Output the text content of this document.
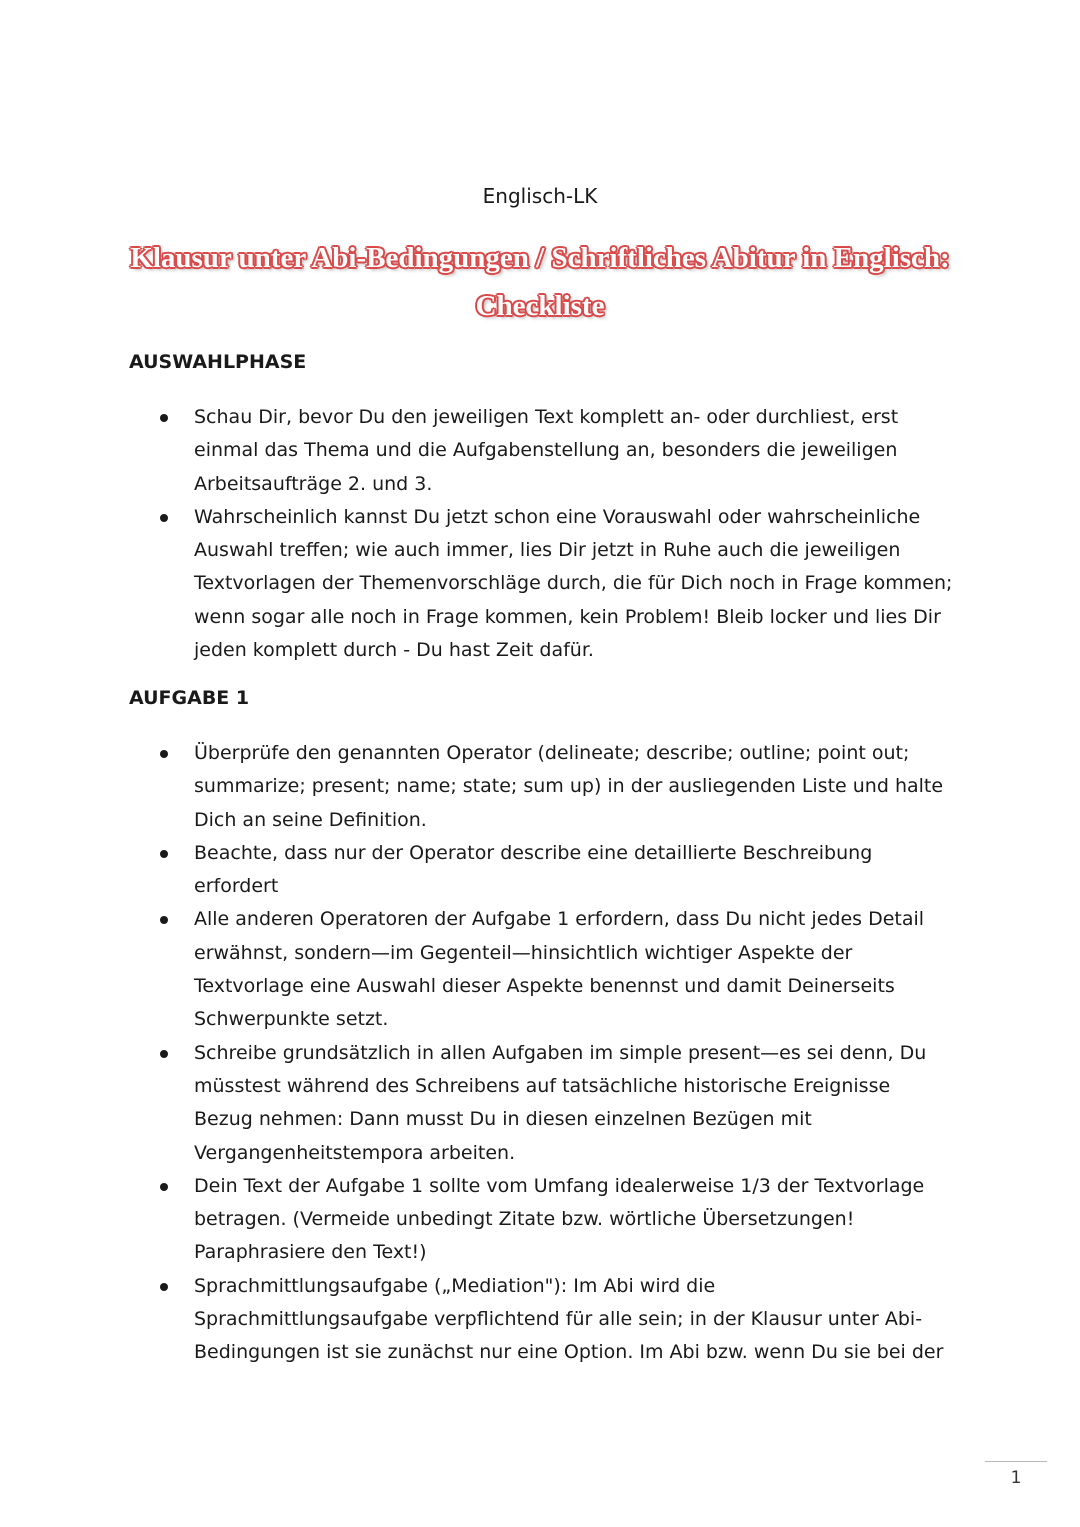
Englisch-LK
Klausur unter Abi-Bedingungen / Schriftliches Abitur in Englisch: Checkliste
AUSWAHLPHASE
Schau Dir, bevor Du den jeweiligen Text komplett an- oder durchliest, erst einmal das Thema und die Aufgabenstellung an, besonders die jeweiligen Arbeitsaufträge 2. und 3.
Wahrscheinlich kannst Du jetzt schon eine Vorauswahl oder wahrscheinliche Auswahl treffen; wie auch immer, lies Dir jetzt in Ruhe auch die jeweiligen Textvorlagen der Themenvorschläge durch, die für Dich noch in Frage kommen; wenn sogar alle noch in Frage kommen, kein Problem! Bleib locker und lies Dir jeden komplett durch - Du hast Zeit dafür.
AUFGABE 1
Überprüfe den genannten Operator (delineate; describe; outline; point out; summarize; present; name; state; sum up) in der ausliegenden Liste und halte Dich an seine Definition.
Beachte, dass nur der Operator describe eine detaillierte Beschreibung erfordert
Alle anderen Operatoren der Aufgabe 1 erfordern, dass Du nicht jedes Detail erwähnst, sondern—im Gegenteil—hinsichtlich wichtiger Aspekte der Textvorlage eine Auswahl dieser Aspekte benennst und damit Deinerseits Schwerpunkte setzt.
Schreibe grundsätzlich in allen Aufgaben im simple present—es sei denn, Du müsstest während des Schreibens auf tatsächliche historische Ereignisse Bezug nehmen: Dann musst Du in diesen einzelnen Bezügen mit Vergangenheitstempora arbeiten.
Dein Text der Aufgabe 1 sollte vom Umfang idealerweise 1/3 der Textvorlage betragen. (Vermeide unbedingt Zitate bzw. wörtliche Übersetzungen! Paraphrasiere den Text!)
Sprachmittlungsaufgabe („Mediation"): Im Abi wird die Sprachmittlungsaufgabe verpflichtend für alle sein; in der Klausur unter Abi-Bedingungen ist sie zunächst nur eine Option. Im Abi bzw. wenn Du sie bei der
1
